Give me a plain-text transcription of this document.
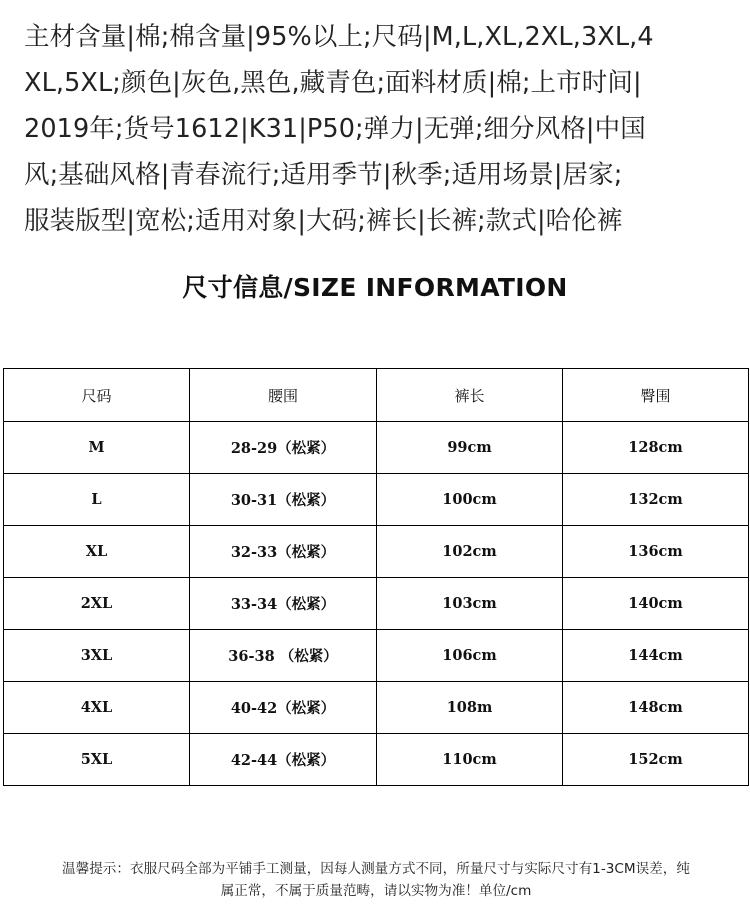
主材含量|棉;棉含量|95%以上;尺码|M,L,XL,2XL,3XL,4
XL,5XL;颜色|灰色,黑色,藏青色;面料材质|棉;上市时间|
2019年;货号1612|K31|P50;弹力|无弹;细分风格|中国
风;基础风格|青春流行;适用季节|秋季;适用场景|居家;
服装版型|宽松;适用对象|大码;裤长|长裤;款式|哈伦裤
尺寸信息/SIZE INFORMATION
尺码	腰围	裤长	臀围
M	28-29（松紧）	99cm	128cm
L	30-31（松紧）	100cm	132cm
XL	32-33（松紧）	102cm	136cm
2XL	33-34（松紧）	103cm	140cm
3XL	36-38 （松紧）	106cm	144cm
4XL	40-42（松紧）	108m	148cm
5XL	42-44（松紧）	110cm	152cm
温馨提示：衣服尺码全部为平铺手工测量，因每人测量方式不同，所量尺寸与实际尺寸有1-3CM误差，纯
属正常，不属于质量范畴，请以实物为准！单位/cm
